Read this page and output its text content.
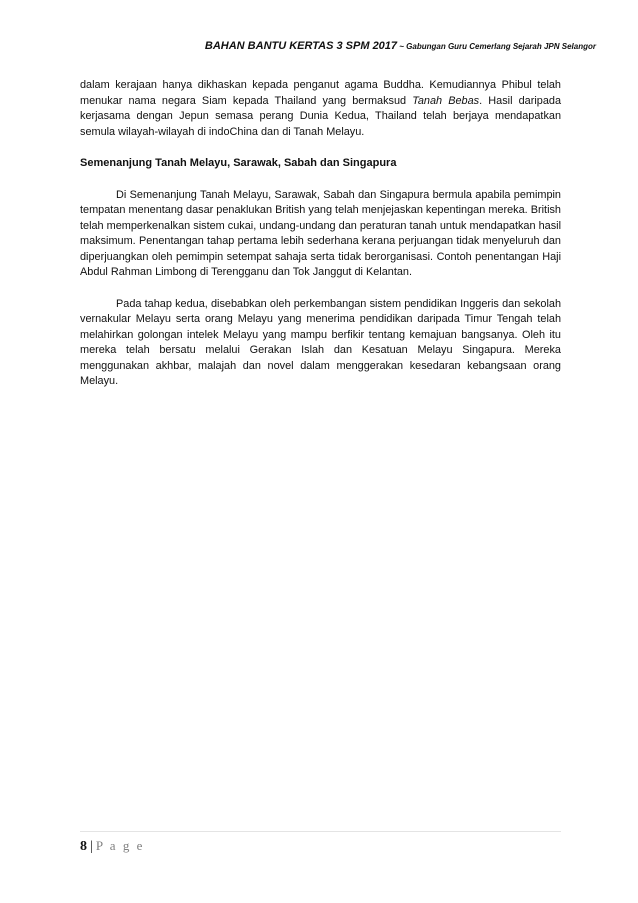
BAHAN BANTU KERTAS 3 SPM 2017 ~ Gabungan Guru Cemerlang Sejarah JPN Selangor

dalam kerajaan hanya dikhaskan kepada penganut agama Buddha. Kemudiannya Phibul telah menukar nama negara Siam kepada Thailand yang bermaksud Tanah Bebas. Hasil daripada kerjasama dengan Jepun semasa perang Dunia Kedua, Thailand telah berjaya mendapatkan semula wilayah-wilayah di indoChina dan di Tanah Melayu.

Semenanjung Tanah Melayu, Sarawak, Sabah dan Singapura

Di Semenanjung Tanah Melayu, Sarawak, Sabah dan Singapura bermula apabila pemimpin tempatan menentang dasar penaklukan British yang telah menjejaskan kepentingan mereka. British telah memperkenalkan sistem cukai, undang-undang dan peraturan tanah untuk mendapatkan hasil maksimum. Penentangan tahap pertama lebih sederhana kerana perjuangan tidak menyeluruh dan diperjuangkan oleh pemimpin setempat sahaja serta tidak berorganisasi. Contoh penentangan Haji Abdul Rahman Limbong di Terengganu dan Tok Janggut di Kelantan.

Pada tahap kedua, disebabkan oleh perkembangan sistem pendidikan Inggeris dan sekolah vernakular Melayu serta orang Melayu yang menerima pendidikan daripada Timur Tengah telah melahirkan golongan intelek Melayu yang mampu berfikir tentang kemajuan bangsanya. Oleh itu mereka telah bersatu melalui Gerakan Islah dan Kesatuan Melayu Singapura. Mereka menggunakan akhbar, malajah dan novel dalam menggerakan kesedaran kebangsaan orang Melayu.

8 | P a g e
